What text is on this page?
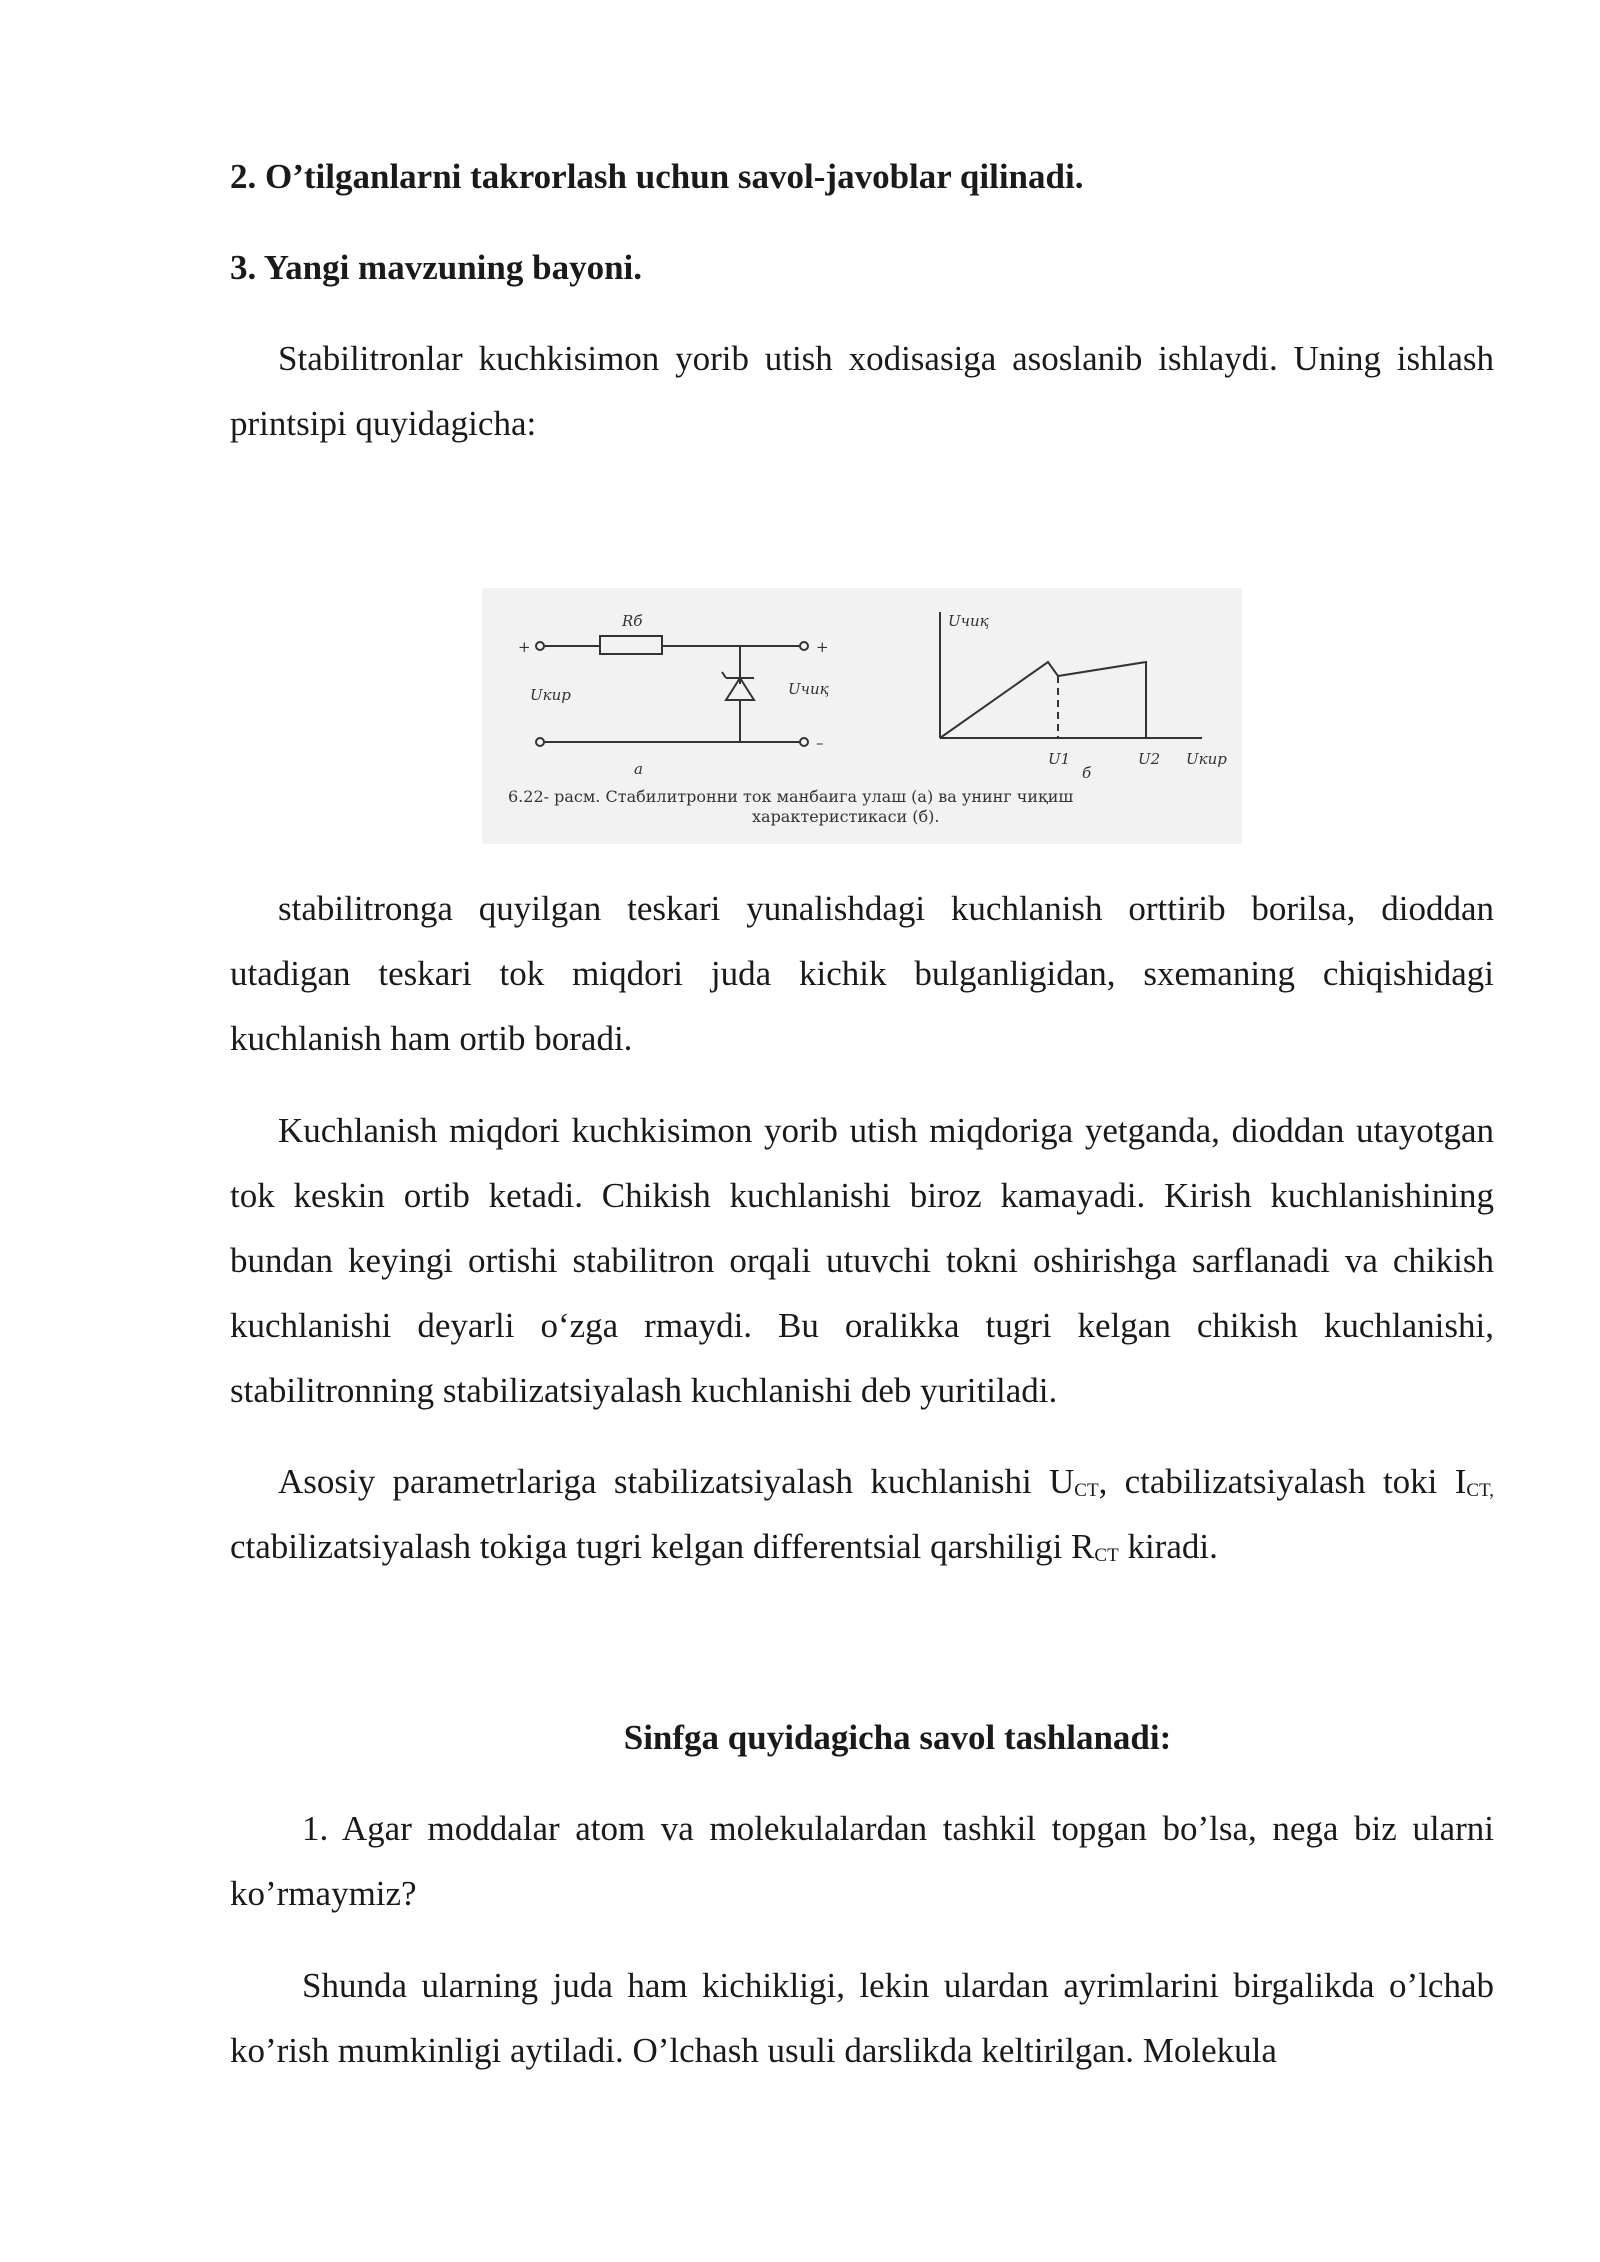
2. O’tilganlarni takrorlash uchun savol-javoblar qilinadi.
3. Yangi mavzuning bayoni.
Stabilitronlar kuchkisimon yorib utish xodisasiga asoslanib ishlaydi. Uning ishlash printsipi quyidagicha:
+	+
–
Rб
Uкир	Uчиқ
a
Uчиқ
Uкир
U1	U2
б
6.22- расм. Стабилитронни ток манбаига улаш (а) ва унинг чиқиш
характеристикаси (б).
stabilitronga quyilgan teskari yunalishdagi kuchlanish orttirib borilsa, dioddan utadigan teskari tok miqdori juda kichik bulganligidan, sxemaning chiqishidagi kuchlanish ham ortib boradi.
Kuchlanish miqdori kuchkisimon yorib utish miqdoriga yetganda, dioddan utayotgan tok keskin ortib ketadi. Chikish kuchlanishi biroz kamayadi. Kirish kuchlanishining bundan keyingi ortishi stabilitron orqali utuvchi tokni oshirishga sarflanadi va chikish kuchlanishi deyarli o‘zga rmaydi. Bu oralikka tugri kelgan chikish kuchlanishi, stabilitronning stabilizatsiyalash kuchlanishi deb yuritiladi.
Asosiy parametrlariga stabilizatsiyalash kuchlanishi $U_{CT}$, ctabilizatsiyalash toki $I_{CT,}$ ctabilizatsiyalash tokiga tugri kelgan differentsial qarshiligi $R_{CT}$ kiradi.
Sinfga quyidagicha savol tashlanadi:
1. Agar moddalar atom va molekulalardan tashkil topgan bo’lsa, nega biz ularni ko’rmaymiz?
Shunda ularning juda ham kichikligi, lekin ulardan ayrimlarini birgalikda o’lchab ko’rish mumkinligi aytiladi. O’lchash usuli darslikda keltirilgan. Molekula
